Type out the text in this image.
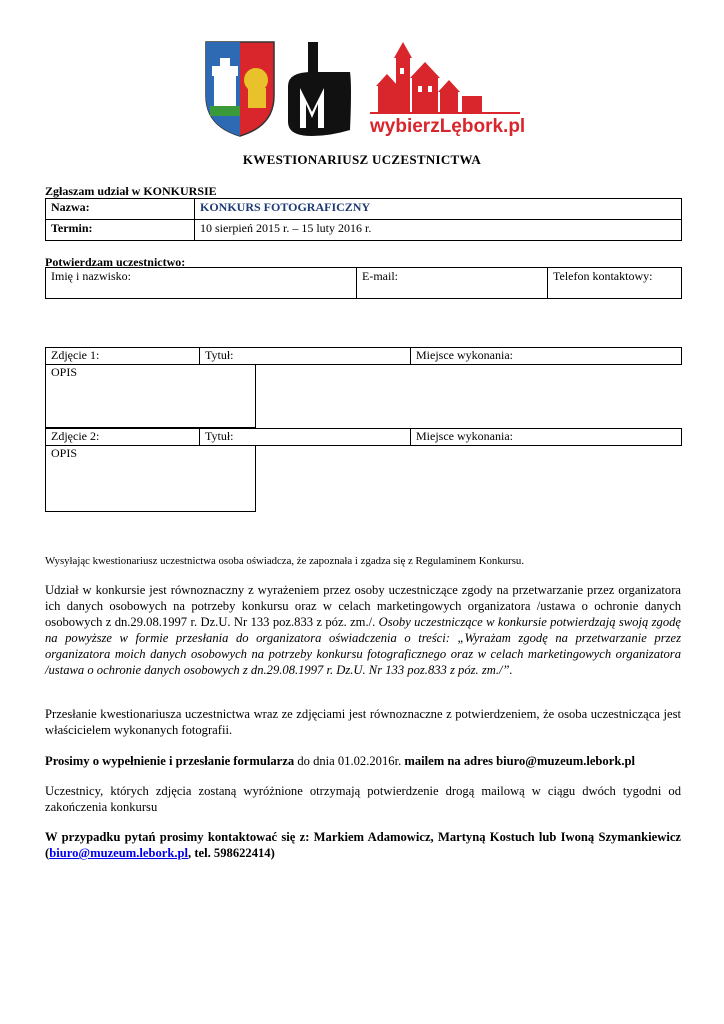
wybierzLębork.pl
KWESTIONARIUSZ UCZESTNICTWA
Zgłaszam udział w KONKURSIE
Nazwa:	KONKURS FOTOGRAFICZNY
Termin:	10 sierpień 2015 r. – 15 luty 2016 r.
Potwierdzam uczestnictwo:
Imię i nazwisko:	E-mail:	Telefon kontaktowy:
Zdjęcie 1:	Tytuł:	Miejsce wykonania:
OPIS
Zdjęcie 2:	Tytuł:	Miejsce wykonania:
OPIS
Wysyłając kwestionariusz uczestnictwa osoba oświadcza, że zapoznała i zgadza się z Regulaminem Konkursu.
Udział w konkursie jest równoznaczny z wyrażeniem przez osoby uczestniczące zgody na przetwarzanie przez organizatora ich danych osobowych na potrzeby konkursu oraz w celach marketingowych organizatora /ustawa o ochronie danych osobowych z dn.29.08.1997 r. Dz.U. Nr 133 poz.833 z póz. zm./. Osoby uczestniczące w konkursie potwierdzają swoją zgodę na powyższe w formie przesłania do organizatora oświadczenia o treści: „Wyrażam zgodę na przetwarzanie przez organizatora moich danych osobowych na potrzeby konkursu fotograficznego oraz w celach marketingowych organizatora /ustawa o ochronie danych osobowych z dn.29.08.1997 r. Dz.U. Nr 133 poz.833 z póz. zm./”.
Przesłanie kwestionariusza uczestnictwa wraz ze zdjęciami jest równoznaczne z potwierdzeniem, że osoba uczestnicząca jest właścicielem wykonanych fotografii.
Prosimy o wypełnienie i przesłanie formularza do dnia 01.02.2016r. mailem na adres biuro@muzeum.lebork.pl
Uczestnicy, których zdjęcia zostaną wyróżnione otrzymają potwierdzenie drogą mailową w ciągu dwóch tygodni od zakończenia konkursu
W przypadku pytań prosimy kontaktować się z: Markiem Adamowicz, Martyną Kostuch lub Iwoną Szymankiewicz (biuro@muzeum.lebork.pl, tel. 598622414)
